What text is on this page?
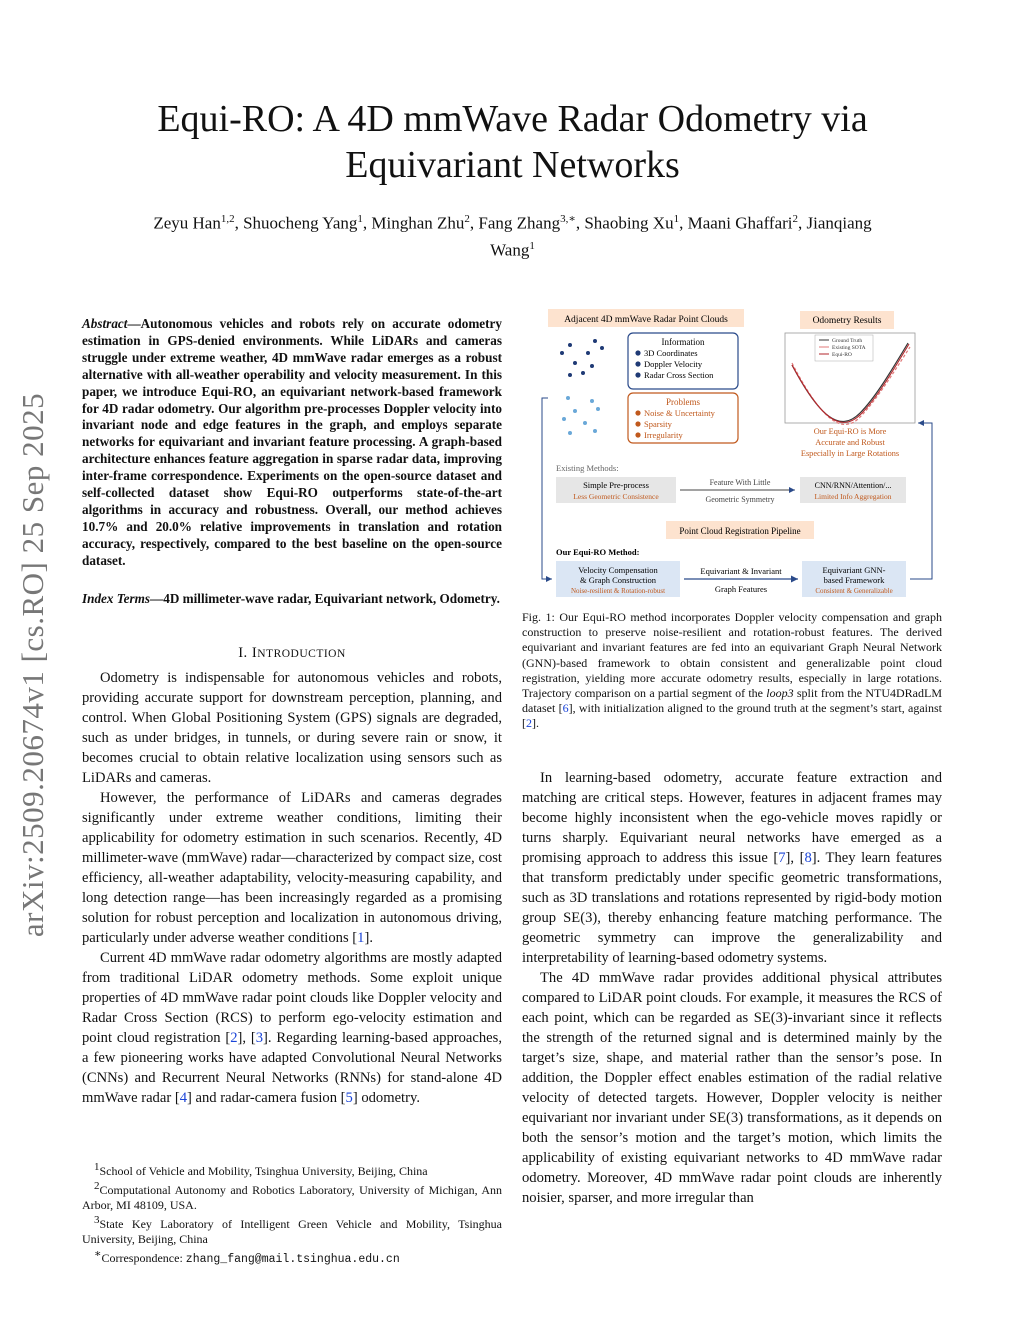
arXiv:2509.20674v1 [cs.RO] 25 Sep 2025
Equi-RO: A 4D mmWave Radar Odometry via
Equivariant Networks
Zeyu Han$^{1,2}$, Shuocheng Yang$^1$, Minghan Zhu$^2$, Fang Zhang$^{3,∗}$, Shaobing Xu$^1$, Maani Ghaffari$^2$, Jianqiang
Wang$^1$
Abstract—Autonomous vehicles and robots rely on accurate odometry estimation in GPS-denied environments. While LiDARs and cameras struggle under extreme weather, 4D mmWave radar emerges as a robust alternative with all-weather operability and velocity measurement. In this paper, we introduce Equi-RO, an equivariant network-based framework for 4D radar odometry. Our algorithm pre-processes Doppler velocity into invariant node and edge features in the graph, and employs separate networks for equivariant and invariant feature processing. A graph-based architecture enhances feature aggregation in sparse radar data, improving inter-frame correspondence. Experiments on the open-source dataset and self-collected dataset show Equi-RO outperforms state-of-the-art algorithms in accuracy and robustness. Overall, our method achieves 10.7% and 20.0% relative improvements in translation and rotation accuracy, respectively, compared to the best baseline on the open-source dataset.
Index Terms—4D millimeter-wave radar, Equivariant network, Odometry.
I. INTRODUCTION

Odometry is indispensable for autonomous vehicles and robots, providing accurate support for downstream perception, planning, and control. When Global Positioning System (GPS) signals are degraded, such as under bridges, in tunnels, or during severe rain or snow, it becomes crucial to obtain relative localization using sensors such as LiDARs and cameras.

However, the performance of LiDARs and cameras degrades significantly under extreme weather conditions, limiting their applicability for odometry estimation in such scenarios. Recently, 4D millimeter-wave (mmWave) radar—characterized by compact size, cost efficiency, all-weather adaptability, velocity-measuring capability, and long detection range—has been increasingly regarded as a promising solution for robust perception and localization in autonomous driving, particularly under adverse weather conditions [1].

Current 4D mmWave radar odometry algorithms are mostly adapted from traditional LiDAR odometry methods. Some exploit unique properties of 4D mmWave radar point clouds like Doppler velocity and Radar Cross Section (RCS) to perform ego-velocity estimation and point cloud registration [2], [3]. Regarding learning-based approaches, a few pioneering works have adapted Convolutional Neural Networks (CNNs) and Recurrent Neural Networks (RNNs) for stand-alone 4D mmWave radar [4] and radar-camera fusion [5] odometry.

$^1$School of Vehicle and Mobility, Tsinghua University, Beijing, China
$^2$Computational Autonomy and Robotics Laboratory, University of Michigan, Ann Arbor, MI 48109, USA.
$^3$State Key Laboratory of Intelligent Green Vehicle and Mobility, Tsinghua University, Beijing, China
∗Correspondence: zhang_fang@mail.tsinghua.edu.cn
Adjacent 4D mmWave Radar Point Clouds	Odometry Results
Information
3D Coordinates
Doppler Velocity
Radar Cross Section
Problems
Noise & Uncertainty
Sparsity
Irregularity
Ground Truth
Existing SOTA
Equi-RO
Our Equi-RO is More
Accurate and Robust
Especially in Large Rotations
Existing Methods:
Simple Pre-process
Less Geometric Consistence
Feature With Little
Geometric Symmetry
CNN/RNN/Attention/...
Limited Info Aggregation
Point Cloud Registration Pipeline
Our Equi-RO Method:
Velocity Compensation
& Graph Construction
Noise-resilient & Rotation-robust
Equivariant & Invariant
Graph Features
Equivariant GNN-
based Framework
Consistent & Generalizable
Fig. 1: Our Equi-RO method incorporates Doppler velocity compensation and graph construction to preserve noise-resilient and rotation-robust features. The derived equivariant and invariant features are fed into an equivariant Graph Neural Network (GNN)-based framework to obtain consistent and generalizable point cloud registration, yielding more accurate odometry results, especially in large rotations. Trajectory comparison on a partial segment of the loop3 split from the NTU4DRadLM dataset [6], with initialization aligned to the ground truth at the segment’s start, against [2].

In learning-based odometry, accurate feature extraction and matching are critical steps. However, features in adjacent frames may become highly inconsistent when the ego-vehicle moves rapidly or turns sharply. Equivariant neural networks have emerged as a promising approach to address this issue [7], [8]. They learn features that transform predictably under specific geometric transformations, such as 3D translations and rotations represented by rigid-body motion group SE(3), thereby enhancing feature matching performance. The geometric symmetry can improve the generalizability and interpretability of learning-based odometry systems.

The 4D mmWave radar provides additional physical attributes compared to LiDAR point clouds. For example, it measures the RCS of each point, which can be regarded as SE(3)-invariant since it reflects the strength of the returned signal and is determined mainly by the target’s size, shape, and material rather than the sensor’s pose. In addition, the Doppler effect enables estimation of the radial relative velocity of detected targets. However, Doppler velocity is neither equivariant nor invariant under SE(3) transformations, as it depends on both the sensor’s motion and the target’s motion, which limits the applicability of existing equivariant networks to 4D mmWave radar odometry. Moreover, 4D mmWave radar point clouds are inherently noisier, sparser, and more irregular than
